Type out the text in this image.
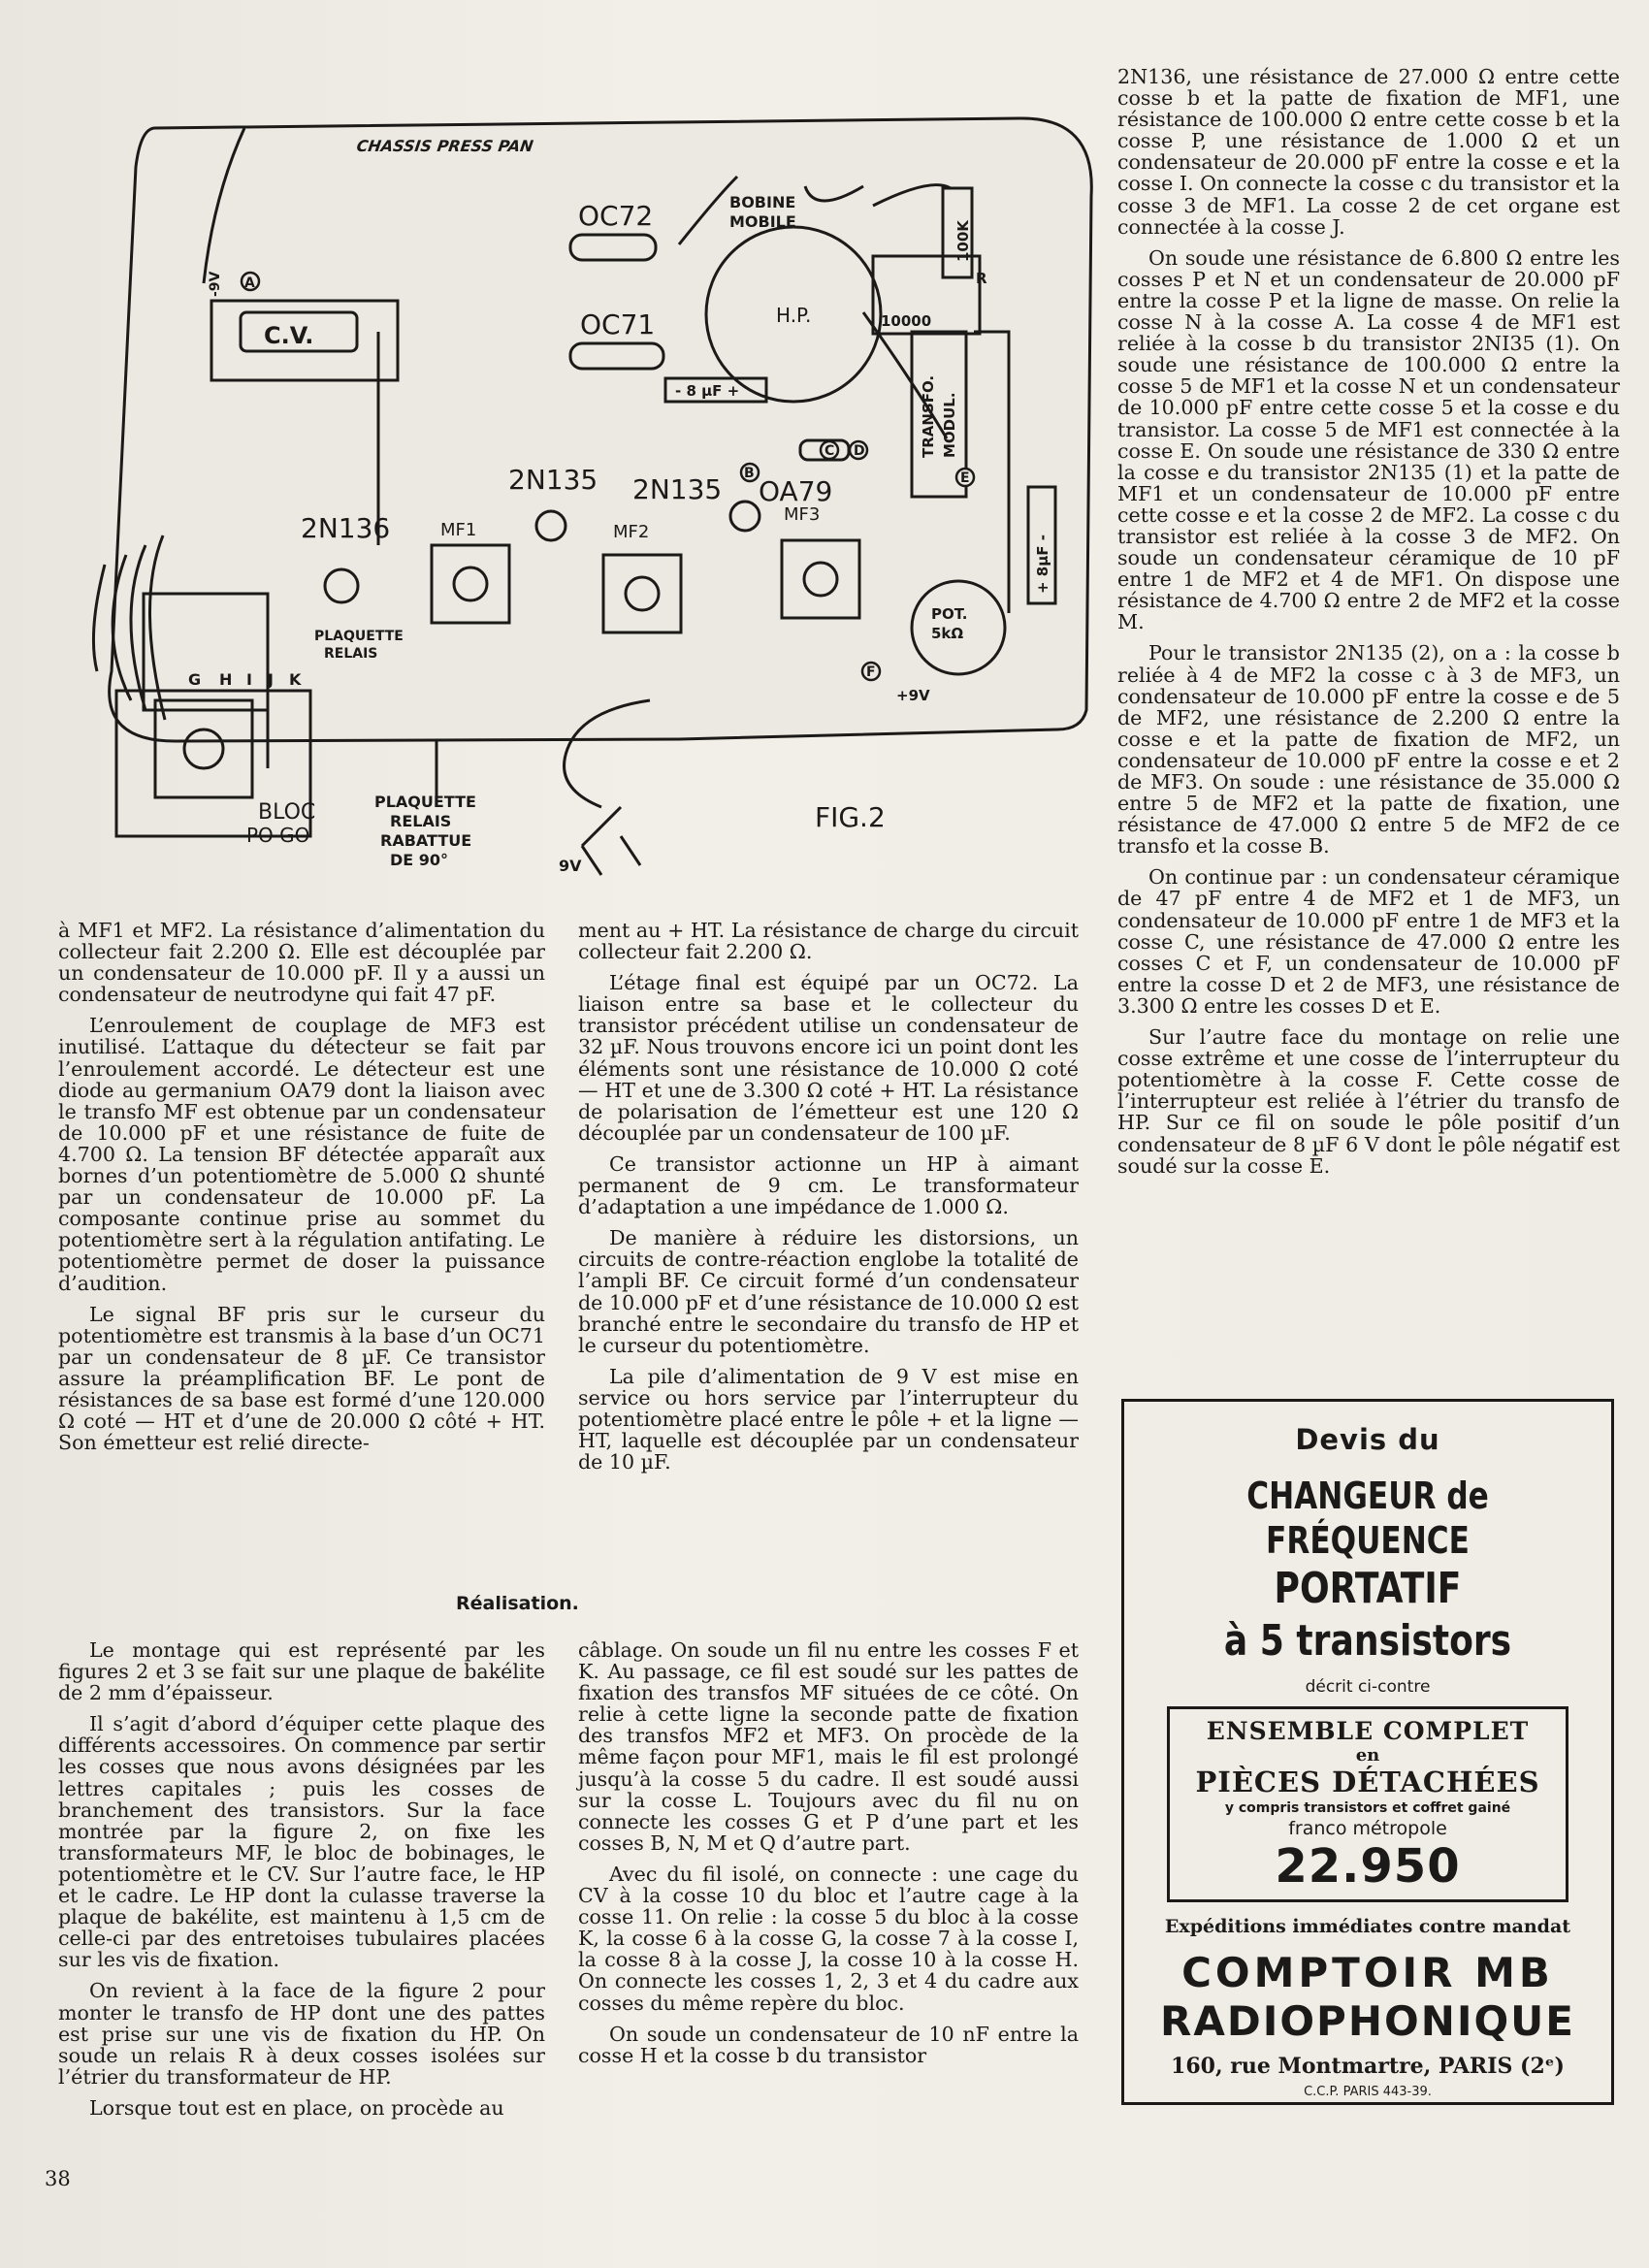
CHASSIS PRESS PAN
BOBINE
MOBILE
OC72
OC71	H.P.
C.V.
100K
10000
TRANSFO. MODUL.
- 8 µF +
+ 8µF -
2N135 2N135
2N136
OA79
MF1	MF2
MF3
POT.
5kΩ
PLAQUETTE
RELAIS
BLOC
PO GO
PLAQUETTE
RELAIS
RABATTUE
DE 90°
FIG.2
-9V
+9V
9V
R
A
B
C D
E
F
G H I J K

à MF1 et MF2. La résistance d’alimentation du collecteur fait 2.200 Ω. Elle est découplée par un condensateur de 10.000 pF. Il y a aussi un condensateur de neutrodyne qui fait 47 pF.

L’enroulement de couplage de MF3 est inutilisé. L’attaque du détecteur se fait par l’enroulement accordé. Le détecteur est une diode au germanium OA79 dont la liaison avec le transfo MF est obtenue par un condensateur de 10.000 pF et une résistance de fuite de 4.700 Ω. La tension BF détectée apparaît aux bornes d’un potentiomètre de 5.000 Ω shunté par un condensateur de 10.000 pF. La composante continue prise au sommet du potentiomètre sert à la régulation antifating. Le potentiomètre permet de doser la puissance d’audition.

Le signal BF pris sur le curseur du potentiomètre est transmis à la base d’un OC71 par un condensateur de 8 µF. Ce transistor assure la préamplification BF. Le pont de résistances de sa base est formé d’une 120.000 Ω coté — HT et d’une de 20.000 Ω côté + HT. Son émetteur est relié directe-

ment au + HT. La résistance de charge du circuit collecteur fait 2.200 Ω.

L’étage final est équipé par un OC72. La liaison entre sa base et le collecteur du transistor précédent utilise un condensateur de 32 µF. Nous trouvons encore ici un point dont les éléments sont une résistance de 10.000 Ω coté — HT et une de 3.300 Ω coté + HT. La résistance de polarisation de l’émetteur est une 120 Ω découplée par un condensateur de 100 µF.

Ce transistor actionne un HP à aimant permanent de 9 cm. Le transformateur d’adaptation a une impédance de 1.000 Ω.

De manière à réduire les distorsions, un circuits de contre-réaction englobe la totalité de l’ampli BF. Ce circuit formé d’un condensateur de 10.000 pF et d’une résistance de 10.000 Ω est branché entre le secondaire du transfo de HP et le curseur du potentiomètre.

La pile d’alimentation de 9 V est mise en service ou hors service par l’interrupteur du potentiomètre placé entre le pôle + et la ligne — HT, laquelle est découplée par un condensateur de 10 µF.

Réalisation.

Le montage qui est représenté par les figures 2 et 3 se fait sur une plaque de bakélite de 2 mm d’épaisseur.

Il s’agit d’abord d’équiper cette plaque des différents accessoires. On commence par sertir les cosses que nous avons désignées par les lettres capitales ; puis les cosses de branchement des transistors. Sur la face montrée par la figure 2, on fixe les transformateurs MF, le bloc de bobinages, le potentiomètre et le CV. Sur l’autre face, le HP et le cadre. Le HP dont la culasse traverse la plaque de bakélite, est maintenu à 1,5 cm de celle-ci par des entretoises tubulaires placées sur les vis de fixation.

On revient à la face de la figure 2 pour monter le transfo de HP dont une des pattes est prise sur une vis de fixation du HP. On soude un relais R à deux cosses isolées sur l’étrier du transformateur de HP.

Lorsque tout est en place, on procède au

câblage. On soude un fil nu entre les cosses F et K. Au passage, ce fil est soudé sur les pattes de fixation des transfos MF situées de ce côté. On relie à cette ligne la seconde patte de fixation des transfos MF2 et MF3. On procède de la même façon pour MF1, mais le fil est prolongé jusqu’à la cosse 5 du cadre. Il est soudé aussi sur la cosse L. Toujours avec du fil nu on connecte les cosses G et P d’une part et les cosses B, N, M et Q d’autre part.

Avec du fil isolé, on connecte : une cage du CV à la cosse 10 du bloc et l’autre cage à la cosse 11. On relie : la cosse 5 du bloc à la cosse K, la cosse 6 à la cosse G, la cosse 7 à la cosse I, la cosse 8 à la cosse J, la cosse 10 à la cosse H. On connecte les cosses 1, 2, 3 et 4 du cadre aux cosses du même repère du bloc.

On soude un condensateur de 10 nF entre la cosse H et la cosse b du transistor

2N136, une résistance de 27.000 Ω entre cette cosse b et la patte de fixation de MF1, une résistance de 100.000 Ω entre cette cosse b et la cosse P, une résistance de 1.000 Ω et un condensateur de 20.000 pF entre la cosse e et la cosse I. On connecte la cosse c du transistor et la cosse 3 de MF1. La cosse 2 de cet organe est connectée à la cosse J.

On soude une résistance de 6.800 Ω entre les cosses P et N et un condensateur de 20.000 pF entre la cosse P et la ligne de masse. On relie la cosse N à la cosse A. La cosse 4 de MF1 est reliée à la cosse b du transistor 2NI35 (1). On soude une résistance de 100.000 Ω entre la cosse 5 de MF1 et la cosse N et un condensateur de 10.000 pF entre cette cosse 5 et la cosse e du transistor. La cosse 5 de MF1 est connectée à la cosse E. On soude une résistance de 330 Ω entre la cosse e du transistor 2N135 (1) et la patte de MF1 et un condensateur de 10.000 pF entre cette cosse e et la cosse 2 de MF2. La cosse c du transistor est reliée à la cosse 3 de MF2. On soude un condensateur céramique de 10 pF entre 1 de MF2 et 4 de MF1. On dispose une résistance de 4.700 Ω entre 2 de MF2 et la cosse M.

Pour le transistor 2N135 (2), on a : la cosse b reliée à 4 de MF2 la cosse c à 3 de MF3, un condensateur de 10.000 pF entre la cosse e de 5 de MF2, une résistance de 2.200 Ω entre la cosse e et la patte de fixation de MF2, un condensateur de 10.000 pF entre la cosse e et 2 de MF3. On soude : une résistance de 35.000 Ω entre 5 de MF2 et la patte de fixation, une résistance de 47.000 Ω entre 5 de MF2 de ce transfo et la cosse B.

On continue par : un condensateur céramique de 47 pF entre 4 de MF2 et 1 de MF3, un condensateur de 10.000 pF entre 1 de MF3 et la cosse C, une résistance de 47.000 Ω entre les cosses C et F, un condensateur de 10.000 pF entre la cosse D et 2 de MF3, une résistance de 3.300 Ω entre les cosses D et E.

Sur l’autre face du montage on relie une cosse extrême et une cosse de l’interrupteur du potentiomètre à la cosse F. Cette cosse de l’interrupteur est reliée à l’étrier du transfo de HP. Sur ce fil on soude le pôle positif d’un condensateur de 8 µF 6 V dont le pôle négatif est soudé sur la cosse E.

Devis du
CHANGEUR de FRÉQUENCE
PORTATIF
à 5 transistors
décrit ci-contre
ENSEMBLE COMPLET
en
PIÈCES DÉTACHÉES
y compris transistors et coffret gainé
franco métropole
22.950
Expéditions immédiates contre mandat
COMPTOIR MB
RADIOPHONIQUE
160, rue Montmartre, PARIS (2ᵉ)
C.C.P. PARIS 443-39.
38
